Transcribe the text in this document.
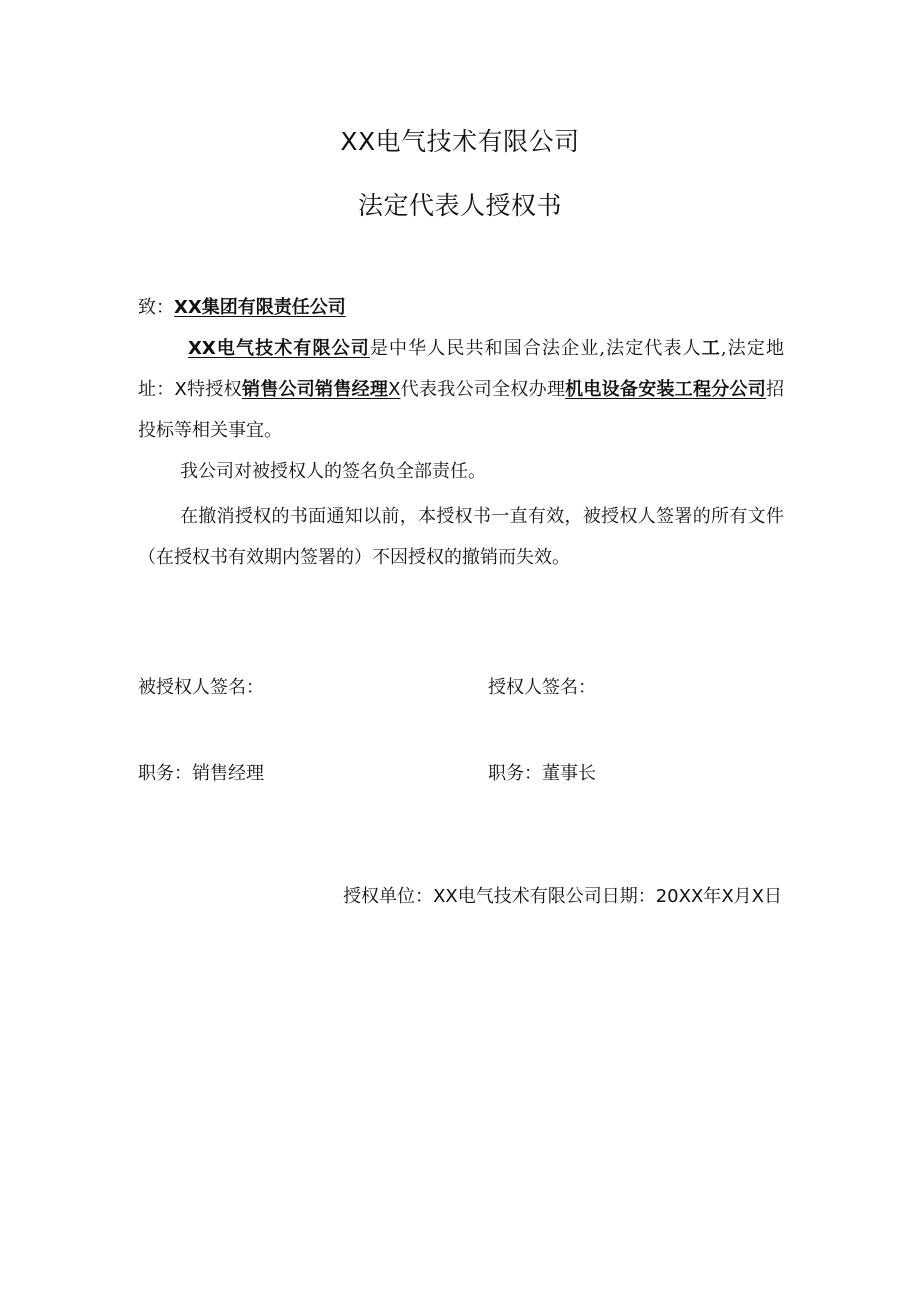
XX电气技术有限公司
法定代表人授权书
致：XX集团有限责任公司
XX电气技术有限公司是中华人民共和国合法企业,法定代表人工,法定地址：X特授权销售公司销售经理X代表我公司全权办理机电设备安装工程分公司招投标等相关事宜。
我公司对被授权人的签名负全部责任。
在撤消授权的书面通知以前，本授权书一直有效，被授权人签署的所有文件（在授权书有效期内签署的）不因授权的撤销而失效。
被授权人签名：	授权人签名：
职务：销售经理	职务：董事长
授权单位：XX电气技术有限公司日期：20XX年X月X日
